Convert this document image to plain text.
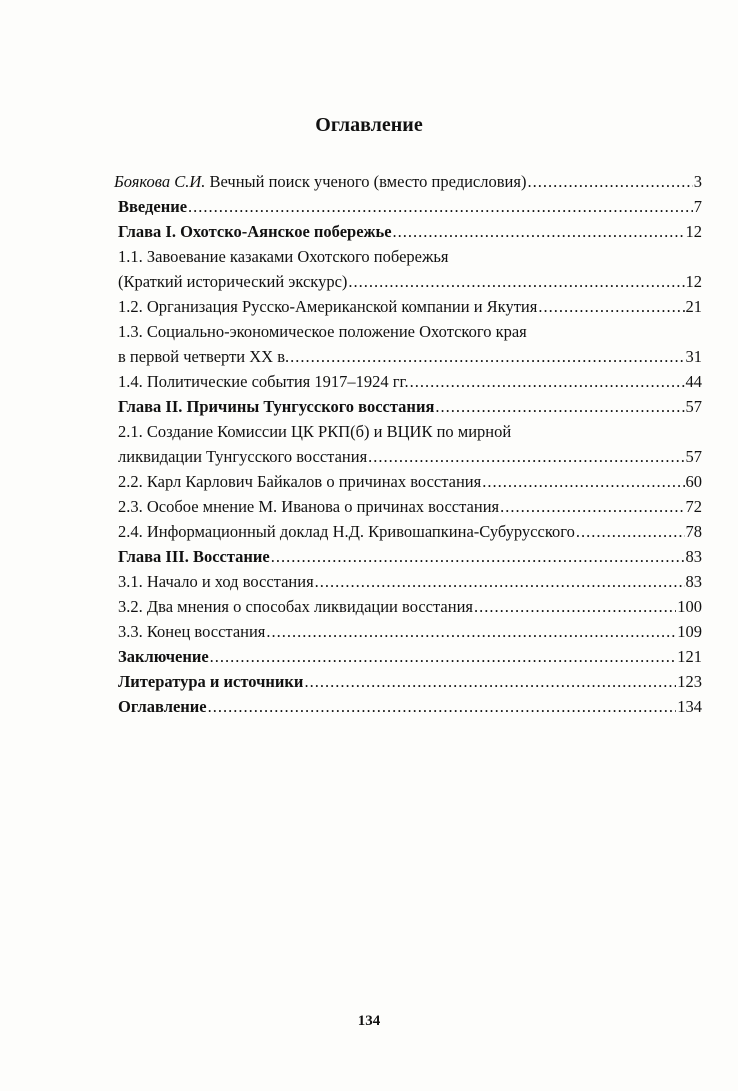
Оглавление
Боякова С.И. Вечный поиск ученого (вместо предисловия) .....	3
Введение .....	7
Глава I. Охотско-Аянское побережье .....	12
1.1. Завоевание казаками Охотского побережья
(Краткий исторический экскурс) .....	12
1.2. Организация Русско-Американской компании и Якутия .....	21
1.3. Социально-экономическое положение Охотского края
в первой четверти XX в. .....	31
1.4. Политические события 1917–1924 гг. .....	44
Глава II. Причины Тунгусского восстания .....	57
2.1. Создание Комиссии ЦК РКП(б) и ВЦИК по мирной
ликвидации Тунгусского восстания .....	57
2.2. Карл Карлович Байкалов о причинах восстания .....	60
2.3. Особое мнение М. Иванова о причинах восстания .....	72
2.4. Информационный доклад Н.Д. Кривошапкина-Субурусского .....	78
Глава III. Восстание .....	83
3.1. Начало и ход восстания .....	83
3.2. Два мнения о способах ликвидации восстания .....	100
3.3. Конец восстания .....	109
Заключение .....	121
Литература и источники .....	123
Оглавление .....	134
134
